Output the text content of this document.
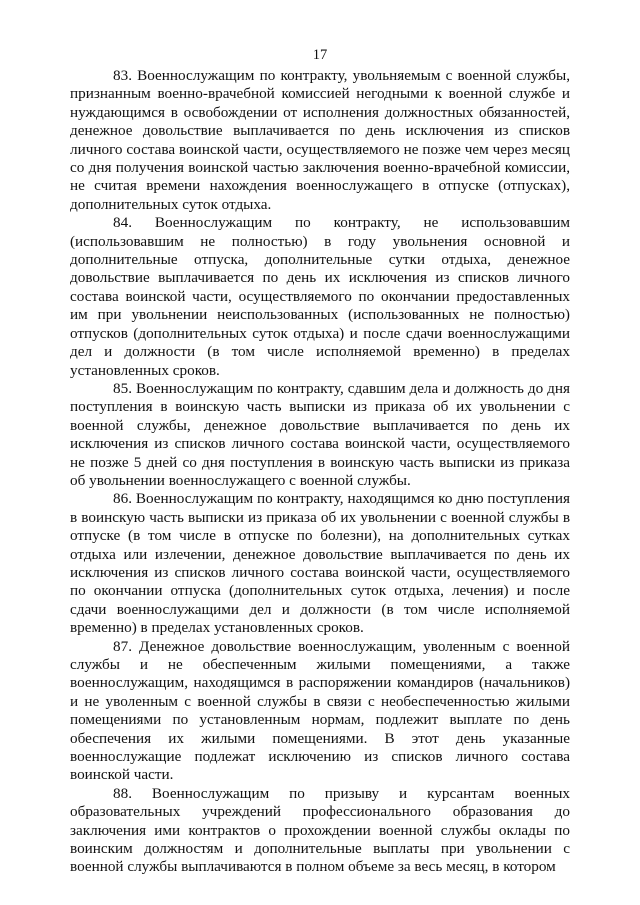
17

83. Военнослужащим по контракту, увольняемым с военной службы, признанным военно-врачебной комиссией негодными к военной службе и нуждающимся в освобождении от исполнения должностных обязанностей, денежное довольствие выплачивается по день исключения из списков личного состава воинской части, осуществляемого не позже чем через месяц со дня получения воинской частью заключения военно-врачебной комиссии, не считая времени нахождения военнослужащего в отпуске (отпусках), дополнительных суток отдыха.

84. Военнослужащим по контракту, не использовавшим (использовавшим не полностью) в году увольнения основной и дополнительные отпуска, дополнительные сутки отдыха, денежное довольствие выплачивается по день их исключения из списков личного состава воинской части, осуществляемого по окончании предоставленных им при увольнении неиспользованных (использованных не полностью) отпусков (дополнительных суток отдыха) и после сдачи военнослужащими дел и должности (в том числе исполняемой временно) в пределах установленных сроков.

85. Военнослужащим по контракту, сдавшим дела и должность до дня поступления в воинскую часть выписки из приказа об их увольнении с военной службы, денежное довольствие выплачивается по день их исключения из списков личного состава воинской части, осуществляемого не позже 5 дней со дня поступления в воинскую часть выписки из приказа об увольнении военнослужащего с военной службы.

86. Военнослужащим по контракту, находящимся ко дню поступления в воинскую часть выписки из приказа об их увольнении с военной службы в отпуске (в том числе в отпуске по болезни), на дополнительных сутках отдыха или излечении, денежное довольствие выплачивается по день их исключения из списков личного состава воинской части, осуществляемого по окончании отпуска (дополнительных суток отдыха, лечения) и после сдачи военнослужащими дел и должности (в том числе исполняемой временно) в пределах установленных сроков.

87. Денежное довольствие военнослужащим, уволенным с военной службы и не обеспеченным жилыми помещениями, а также военнослужащим, находящимся в распоряжении командиров (начальников) и не уволенным с военной службы в связи с необеспеченностью жилыми помещениями по установленным нормам, подлежит выплате по день обеспечения их жилыми помещениями. В этот день указанные военнослужащие подлежат исключению из списков личного состава воинской части.

88. Военнослужащим по призыву и курсантам военных образовательных учреждений профессионального образования до заключения ими контрактов о прохождении военной службы оклады по воинским должностям и дополнительные выплаты при увольнении с военной службы выплачиваются в полном объеме за весь месяц, в котором
